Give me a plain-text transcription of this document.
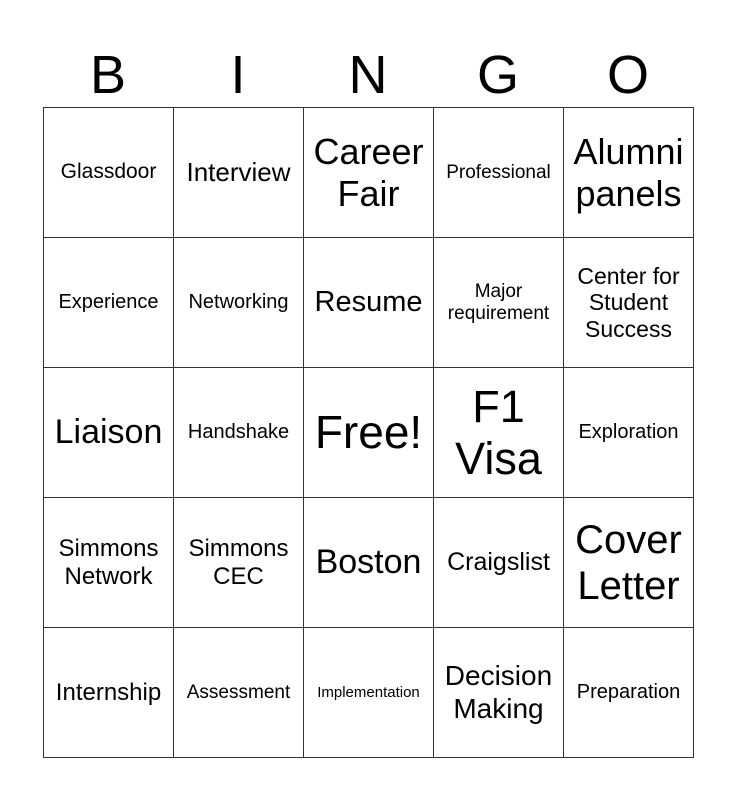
B	I	N	G	O
Glassdoor	Interview	Career Fair	Professional	Alumni panels
Experience	Networking	Resume	Major requirement	Center for Student Success
Liaison	Handshake	Free!	F1 Visa	Exploration
Simmons Network	Simmons CEC	Boston	Craigslist	Cover Letter
Internship	Assessment	Implementation	Decision Making	Preparation
